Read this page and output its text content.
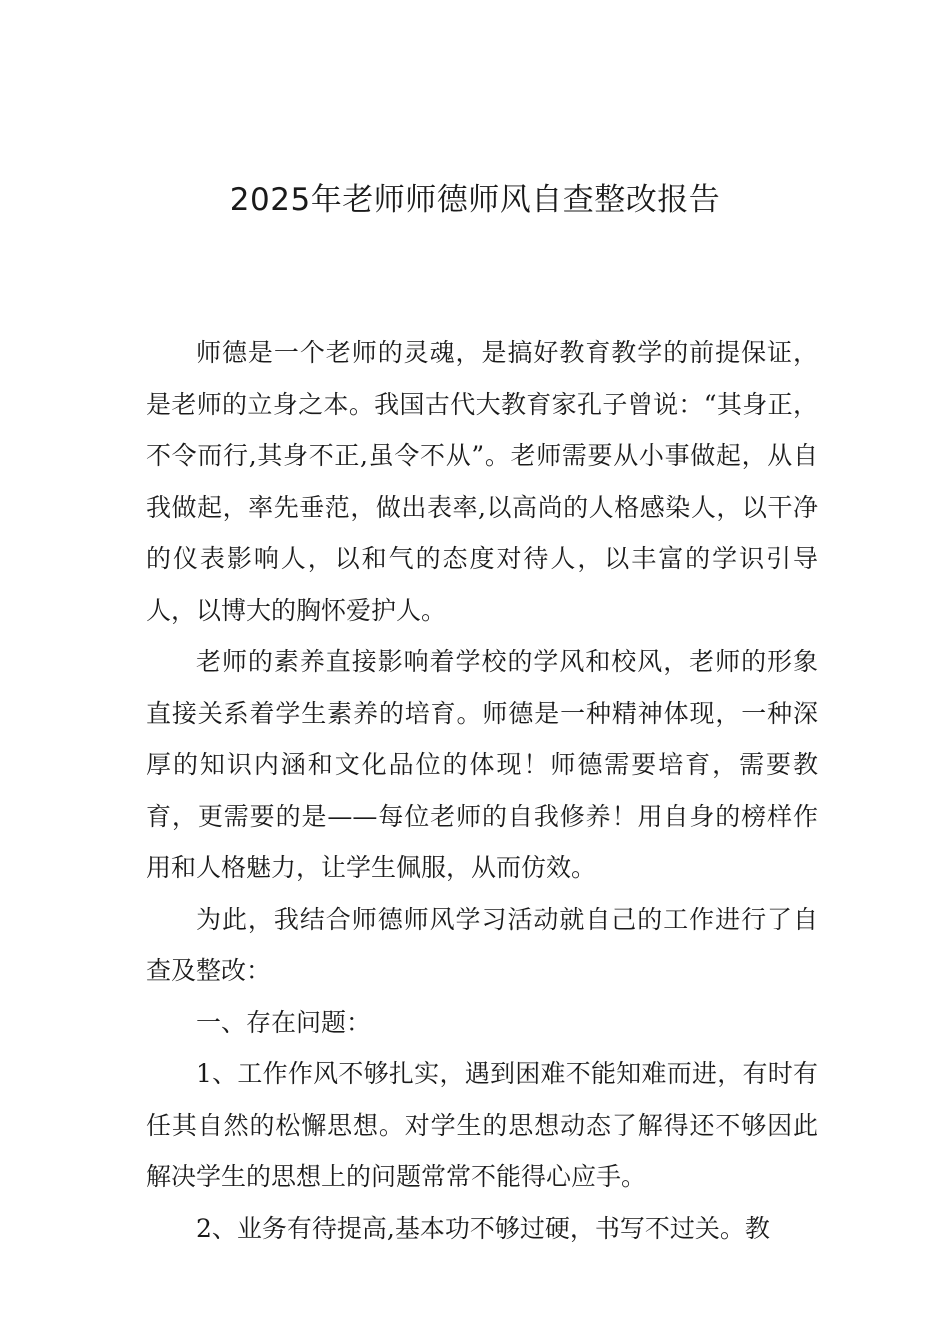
2025年老师师德师风自查整改报告

师德是一个老师的灵魂，是搞好教育教学的前提保证，是老师的立身之本。我国古代大教育家孔子曾说：“其身正，不令而行,其身不正,虽令不从”。老师需要从小事做起，从自我做起，率先垂范，做出表率,以高尚的人格感染人，以干净的仪表影响人，以和气的态度对待人，以丰富的学识引导人，以博大的胸怀爱护人。

老师的素养直接影响着学校的学风和校风，老师的形象直接关系着学生素养的培育。师德是一种精神体现，一种深厚的知识内涵和文化品位的体现！师德需要培育，需要教育，更需要的是——每位老师的自我修养！用自身的榜样作用和人格魅力，让学生佩服，从而仿效。

为此，我结合师德师风学习活动就自己的工作进行了自查及整改：

一、存在问题：

1、工作作风不够扎实，遇到困难不能知难而进，有时有任其自然的松懈思想。对学生的思想动态了解得还不够因此解决学生的思想上的问题常常不能得心应手。

2、业务有待提高,基本功不够过硬，书写不过关。教
